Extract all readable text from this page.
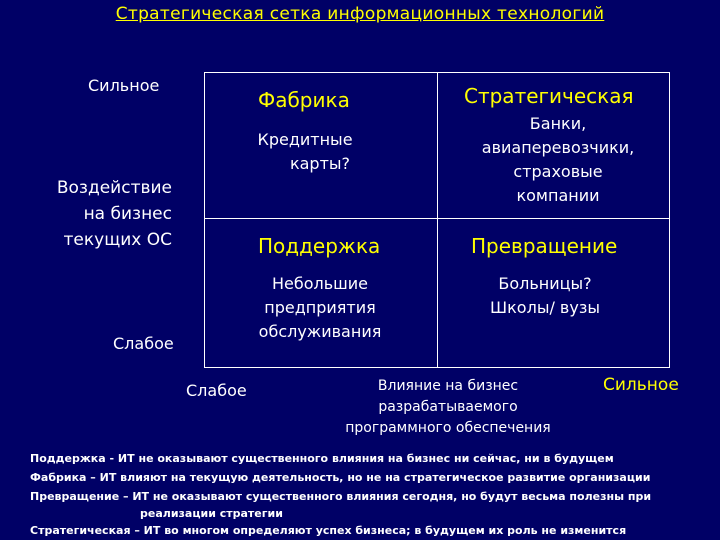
Стратегическая сетка информационных технологий
Сильное
Воздействие
на бизнес
текущих ОС
Слабое
Фабрика
Кредитные
карты?
Стратегическая
Банки,
авиаперевозчики,
страховые
компании
Поддержка
Небольшие
предприятия
обслуживания
Превращение
Больницы?
Школы/ вузы
Слабое	Влияние на бизнес
разрабатываемого
программного обеспечения
Сильное
Поддержка - ИТ не оказывают существенного влияния на бизнес ни сейчас, ни в будущем
Фабрика – ИТ влияют на текущую деятельность, но не на стратегическое развитие организации
Превращение – ИТ не оказывают существенного влияния сегодня, но будут весьма полезны при
реализации стратегии
Стратегическая – ИТ во многом определяют успех бизнеса; в будущем их роль не изменится
